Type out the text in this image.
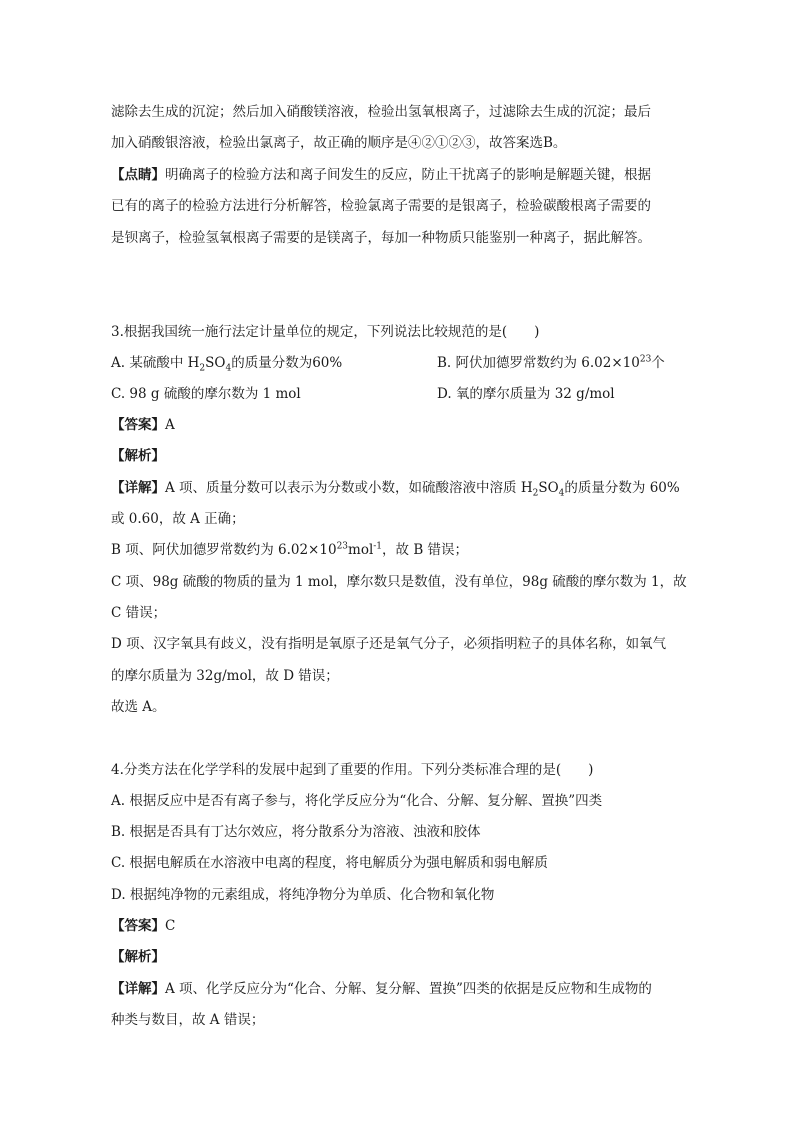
滤除去生成的沉淀；然后加入硝酸镁溶液，检验出氢氧根离子，过滤除去生成的沉淀；最后
加入硝酸银溶液，检验出氯离子，故正确的顺序是④②①②③，故答案选B。
【点睛】明确离子的检验方法和离子间发生的反应，防止干扰离子的影响是解题关键，根据
已有的离子的检验方法进行分析解答，检验氯离子需要的是银离子，检验碳酸根离子需要的
是钡离子，检验氢氧根离子需要的是镁离子，每加一种物质只能鉴别一种离子，据此解答。
3.根据我国统一施行法定计量单位的规定，下列说法比较规范的是(　　)
A. 某硫酸中 $H_2SO_4$的质量分数为60%	B. 阿伏加德罗常数约为 $6.02\times 10^{23}$个
C. 98 g 硫酸的摩尔数为 1 mol	D. 氧的摩尔质量为 32 g/mol
【答案】A
【解析】
【详解】A 项、质量分数可以表示为分数或小数，如硫酸溶液中溶质 $H_2SO_4$的质量分数为 60%
或 0.60，故 A 正确；
B 项、阿伏加德罗常数约为 $6.02\times 10^{23}mol^{-1}$，故 B 错误；
C 项、98g 硫酸的物质的量为 1 mol，摩尔数只是数值，没有单位，98g 硫酸的摩尔数为 1，故
C 错误；
D 项、汉字氧具有歧义，没有指明是氧原子还是氧气分子，必须指明粒子的具体名称，如氧气
的摩尔质量为 32g/mol，故 D 错误；
故选 A。
4.分类方法在化学学科的发展中起到了重要的作用。下列分类标准合理的是(　　)
A. 根据反应中是否有离子参与，将化学反应分为“化合、分解、复分解、置换”四类
B. 根据是否具有丁达尔效应，将分散系分为溶液、浊液和胶体
C. 根据电解质在水溶液中电离的程度，将电解质分为强电解质和弱电解质
D. 根据纯净物的元素组成，将纯净物分为单质、化合物和氧化物
【答案】C
【解析】
【详解】A 项、化学反应分为“化合、分解、复分解、置换”四类的依据是反应物和生成物的
种类与数目，故 A 错误；
